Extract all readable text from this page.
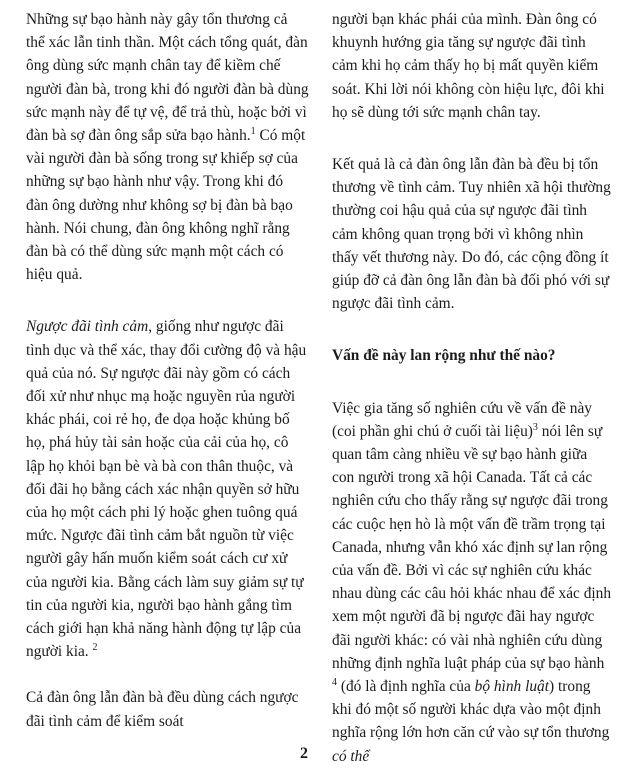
Những sự bạo hành này gây tổn thương cả thể xác lẫn tinh thần. Một cách tổng quát, đàn ông dùng sức mạnh chân tay để kiềm chế người đàn bà, trong khi đó người đàn bà dùng sức mạnh này để tự vệ, để trả thù, hoặc bởi vì đàn bà sợ đàn ông sắp sửa bạo hành.$^1$ Có một vài người đàn bà sống trong sự khiếp sợ của những sự bạo hành như vậy. Trong khi đó đàn ông dường như không sợ bị đàn bà bạo hành. Nói chung, đàn ông không nghĩ rằng đàn bà có thể dùng sức mạnh một cách có hiệu quả.

Ngược đãi tình cảm, giống như ngược đãi tình dục và thể xác, thay đổi cường độ và hậu quả của nó. Sự ngược đãi này gồm có cách đối xử như nhục mạ hoặc nguyền rủa người khác phái, coi rẻ họ, đe dọa hoặc khủng bố họ, phá hủy tài sản hoặc của cải của họ, cô lập họ khỏi bạn bè và bà con thân thuộc, và đối đãi họ bằng cách xác nhận quyền sở hữu của họ một cách phi lý hoặc ghen tuông quá mức. Ngược đãi tình cảm bắt nguồn từ việc người gây hấn muốn kiểm soát cách cư xử của người kia. Bằng cách làm suy giảm sự tự tin của người kia, người bạo hành gắng tìm cách giới hạn khả năng hành động tự lập của người kia. $^2$

Cả đàn ông lẫn đàn bà đều dùng cách ngược đãi tình cảm để kiểm soát

người bạn khác phái của mình. Đàn ông có khuynh hướng gia tăng sự ngược đãi tình cảm khi họ cảm thấy họ bị mất quyền kiểm soát. Khi lời nói không còn hiệu lực, đôi khi họ sẽ dùng tới sức mạnh chân tay.

Kết quả là cả đàn ông lẫn đàn bà đều bị tổn thương về tình cảm. Tuy nhiên xã hội thường thường coi hậu quả của sự ngược đãi tình cảm không quan trọng bởi vì không nhìn thấy vết thương này. Do đó, các cộng đồng ít giúp đỡ cả đàn ông lẫn đàn bà đối phó với sự ngược đãi tình cảm.

Vấn đề này lan rộng như thế nào?

Việc gia tăng số nghiên cứu về vấn đề này (coi phần ghi chú ở cuối tài liệu)$^3$ nói lên sự quan tâm càng nhiều về sự bạo hành giữa con người trong xã hội Canada. Tất cả các nghiên cứu cho thấy rằng sự ngược đãi trong các cuộc hẹn hò là một vấn đề trầm trọng tại Canada, nhưng vẫn khó xác định sự lan rộng của vấn đề. Bởi vì các sự nghiên cứu khác nhau dùng các câu hỏi khác nhau để xác định xem một người đã bị ngược đãi hay ngược đãi người khác: có vài nhà nghiên cứu dùng những định nghĩa luật pháp của sự bạo hành $^4$ (đó là định nghĩa của bộ hình luật) trong khi đó một số người khác dựa vào một định nghĩa rộng lớn hơn căn cứ vào sự tổn thương có thể

2
